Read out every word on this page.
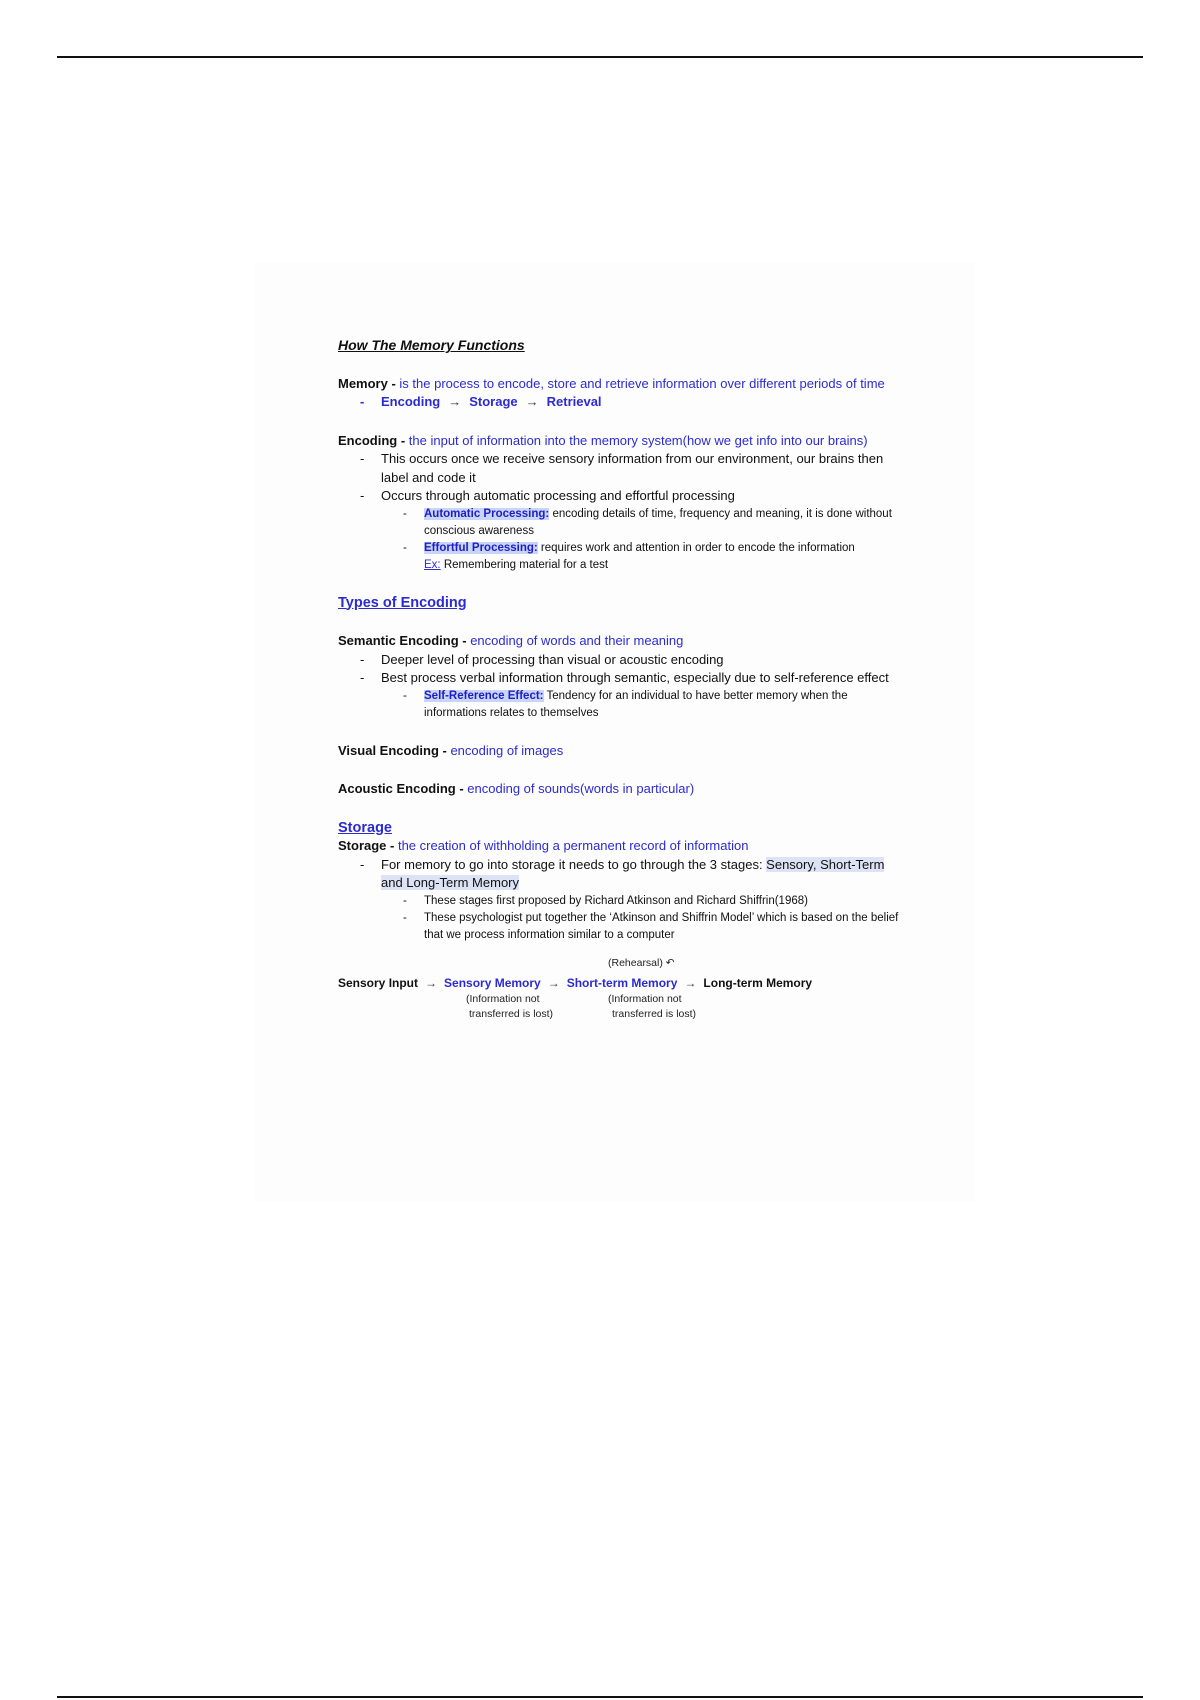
How The Memory Functions

Memory - is the process to encode, store and retrieve information over different periods of time

- Encoding → Storage → Retrieval

Encoding - the input of information into the memory system(how we get info into our brains)

- This occurs once we receive sensory information from our environment, our brains then label and code it
- Occurs through automatic processing and effortful processing
- Automatic Processing: encoding details of time, frequency and meaning, it is done without conscious awareness
- Effortful Processing: requires work and attention in order to encode the information
Ex: Remembering material for a test
Types of Encoding

Semantic Encoding - encoding of words and their meaning

- Deeper level of processing than visual or acoustic encoding
- Best process verbal information through semantic, especially due to self-reference effect
- Self-Reference Effect: Tendency for an individual to have better memory when the informations relates to themselves

Visual Encoding - encoding of images

Acoustic Encoding - encoding of sounds(words in particular)

Storage

Storage - the creation of withholding a permanent record of information

- For memory to go into storage it needs to go through the 3 stages: Sensory, Short-Term and Long-Term Memory
- These stages first proposed by Richard Atkinson and Richard Shiffrin(1968)
- These psychologist put together the ‘Atkinson and Shiffrin Model’ which is based on the belief that we process information similar to a computer
(Rehearsal) ↶
Sensory Input → Sensory Memory → Short-term Memory → Long-term Memory
(Information not
transferred is lost)
(Information not
transferred is lost)
